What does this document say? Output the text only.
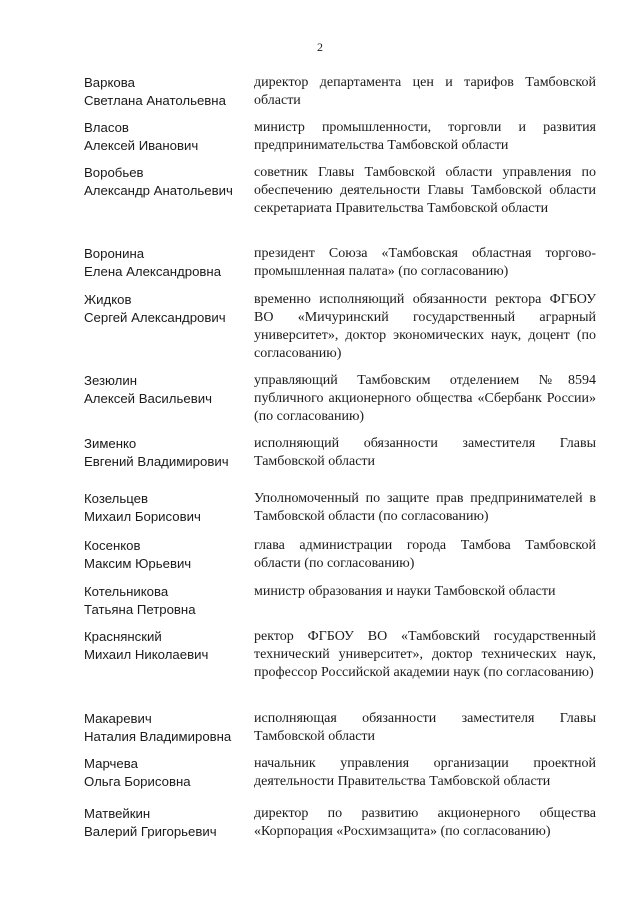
2
Варкова
Светлана Анатольевна
директор департамента цен и тарифов Тамбовской области
Власов
Алексей Иванович
министр промышленности, торговли и развития предпринимательства Тамбовской области
Воробьев
Александр Анатольевич
советник Главы Тамбовской области управления по обеспечению деятельности Главы Тамбовской области секретариата Правительства Тамбовской области
Воронина
Елена Александровна
президент Союза «Тамбовская областная торгово-промышленная палата» (по согласованию)
Жидков
Сергей Александрович
временно исполняющий обязанности ректора ФГБОУ ВО «Мичуринский государственный аграрный университет», доктор экономических наук, доцент (по согласованию)
Зезюлин
Алексей Васильевич
управляющий Тамбовским отделением №8594 публичного акционерного общества «Сбербанк России» (по согласованию)
Зименко
Евгений Владимирович
исполняющий обязанности заместителя Главы Тамбовской области
Козельцев
Михаил Борисович
Уполномоченный по защите прав предпринимателей в Тамбовской области (по согласованию)
Косенков
Максим Юрьевич
глава администрации города Тамбова Тамбовской области (по согласованию)
Котельникова
Татьяна Петровна
министр образования и науки Тамбовской области
Краснянский
Михаил Николаевич
ректор ФГБОУ ВО «Тамбовский государственный технический университет», доктор технических наук, профессор Российской академии наук (по согласованию)
Макаревич
Наталия Владимировна
исполняющая обязанности заместителя Главы Тамбовской области
Марчева
Ольга Борисовна
начальник управления организации проектной деятельности Правительства Тамбовской области
Матвейкин
Валерий Григорьевич
директор по развитию акционерного общества «Корпорация «Росхимзащита» (по согласованию)
